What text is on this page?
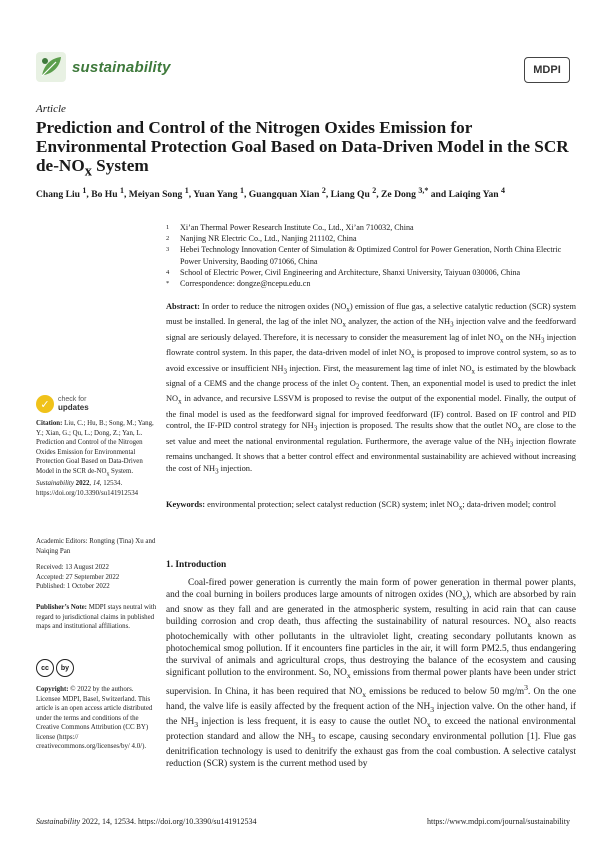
sustainability	MDPI
Article
Prediction and Control of the Nitrogen Oxides Emission for Environmental Protection Goal Based on Data-Driven Model in the SCR $de-NO_x$ System
Chang Liu $^1$, Bo Hu $^1$, Meiyan Song $^1$, Yuan Yang $^1$, Guangquan Xian $^2$, Liang Qu $^2$, Ze Dong $^{3,*}$ and Laiqing Yan $^4$
1	Xi’an Thermal Power Research Institute Co., Ltd., Xi’an 710032, China
2	Nanjing NR Electric Co., Ltd., Nanjing 211102, China
3	Hebei Technology Innovation Center of Simulation & Optimized Control for Power Generation, North China Electric Power University, Baoding 071066, China
4	School of Electric Power, Civil Engineering and Architecture, Shanxi University, Taiyuan 030006, China
*	Correspondence: dongze@ncepu.edu.cn
Abstract: In order to reduce the nitrogen oxides $(NO_x)$ emission of flue gas, a selective catalytic reduction (SCR) system must be installed. In general, the lag of the inlet $NO_x$ analyzer, the action of the $NH_3$ injection valve and the feedforward signal are seriously delayed. Therefore, it is necessary to consider the measurement lag of inlet $NO_x$ on the $NH_3$ injection flowrate control system. In this paper, the data-driven model of inlet $NO_x$ is proposed to improve control system, so as to avoid excessive or insufficient $NH_3$ injection. First, the measurement lag time of inlet $NO_x$ is estimated by the blowback signal of a CEMS and the change process of the inlet $O_2$ content. Then, an exponential model is used to predict the inlet $NO_x$ in advance, and recursive LSSVM is proposed to revise the output of the exponential model. Finally, the output of the final model is used as the feedforward signal for improved feedforward (IF) control. Based on IF control and PID control, the IF-PID control strategy for $NH_3$ injection is proposed. The results show that the outlet $NO_x$ are close to the set value and meet the national environmental regulation. Furthermore, the average value of the $NH_3$ injection flowrate remains unchanged. It shows that a better control effect and environmental sustainability are achieved without increasing the cost of $NH_3$ injection.
Keywords: environmental protection; select catalyst reduction (SCR) system; inlet $NO_x$; data-driven model; control
✓	check for
updates
Citation: Liu, C.; Hu, B.; Song, M.; Yang, Y.; Xian, G.; Qu, L.; Dong, Z.; Yan, L. Prediction and Control of the Nitrogen Oxides Emission for Environmental Protection Goal Based on Data-Driven Model in the SCR $de-NO_x$ System. Sustainability 2022, 14, 12534. https://doi.org/10.3390/su141912534
Academic Editors: Rongting (Tina) Xu and Naiqing Pan
Received: 13 August 2022
Accepted: 27 September 2022
Published: 1 October 2022
Publisher’s Note: MDPI stays neutral with regard to jurisdictional claims in published maps and institutional affiliations.
cc	by
Copyright: © 2022 by the authors. Licensee MDPI, Basel, Switzerland. This article is an open access article distributed under the terms and conditions of the Creative Commons Attribution (CC BY) license (https:// creativecommons.org/licenses/by/ 4.0/).
1. Introduction
Coal-fired power generation is currently the main form of power generation in thermal power plants, and the coal burning in boilers produces large amounts of nitrogen oxides $(NO_x)$, which are absorbed by rain and snow as they fall and are generated in the atmospheric system, resulting in acid rain that can cause building corrosion and crop death, thus affecting the sustainability of natural resources. $NO_x$ also reacts photochemically with other pollutants in the ultraviolet light, creating secondary pollutants known as photochemical smog pollution. If it encounters fine particles in the air, it will form PM2.5, thus endangering the survival of animals and agricultural crops, thus destroying the balance of the ecosystem and causing significant pollution to the environment. So, $NO_x$ emissions from thermal power plants have been under strict supervision. In China, it has been required that $NO_x$ emissions be reduced to below 50 $mg/m^3$. On the one hand, the valve life is easily affected by the frequent action of the $NH_3$ injection valve. On the other hand, if the $NH_3$ injection is less frequent, it is easy to cause the outlet $NO_x$ to exceed the national environmental protection standard and allow the $NH_3$ to escape, causing secondary environmental pollution [1]. Flue gas denitrification technology is used to denitrify the exhaust gas from the coal combustion. A selective catalyst reduction (SCR) system is the current method used by
Sustainability 2022, 14, 12534. https://doi.org/10.3390/su141912534	https://www.mdpi.com/journal/sustainability
